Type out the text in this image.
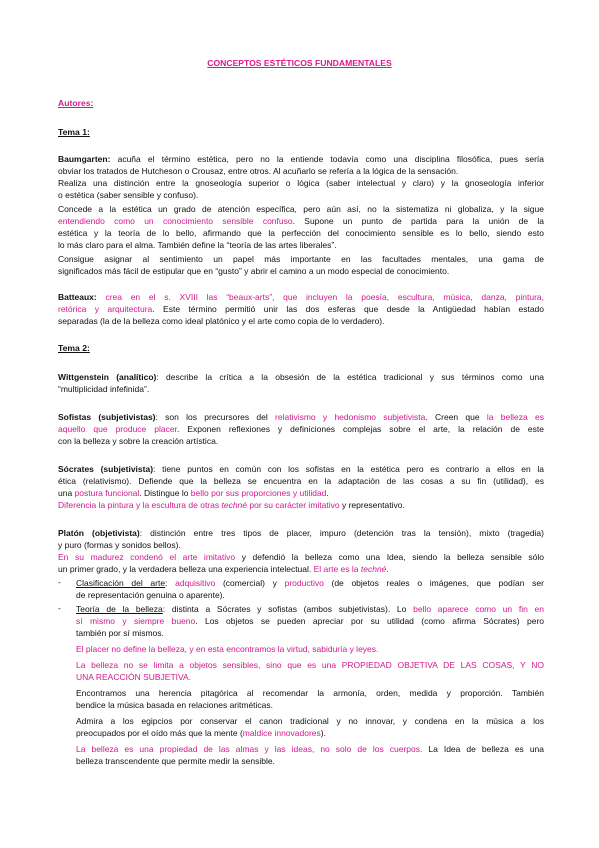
CONCEPTOS ESTÉTICOS FUNDAMENTALES
Autores:
Tema 1:
Baumgarten: acuña el término estética, pero no la entiende todavía como una disciplina filosófica, pues sería
obviar los tratados de Hutcheson o Crousaz, entre otros. Al acuñarlo se refería a la lógica de la sensación.
Realiza una distinción entre la gnoseología superior o lógica (saber intelectual y claro) y la gnoseología inferior
o estética (saber sensible y confuso).
Concede a la estética un grado de atención específica, pero aún así, no la sistematiza ni globaliza, y la sigue
entendiendo como un conocimiento sensible confuso. Supone un punto de partida para la unión de la
estética y la teoría de lo bello, afirmando que la perfección del conocimiento sensible es lo bello, siendo esto
lo más claro para el alma. También define la “teoría de las artes liberales”.
Consigue asignar al sentimiento un papel más importante en las facultades mentales, una gama de
significados más fácil de estipular que en “gusto” y abrir el camino a un modo especial de conocimiento.
Batteaux: crea en el s. XVIII las “beaux-arts”, que incluyen la poesía, escultura, música, danza, pintura,
retórica y arquitectura. Este término permitió unir las dos esferas que desde la Antigüedad habían estado
separadas (la de la belleza como ideal platónico y el arte como copia de lo verdadero).
Tema 2:
Wittgenstein (analítico): describe la crítica a la obsesión de la estética tradicional y sus términos como una
“multiplicidad infefinida”.
Sofistas (subjetivistas): son los precursores del relativismo y hedonismo subjetivista. Creen que la belleza es
aquello que produce placer. Exponen reflexiones y definiciones complejas sobre el arte, la relación de este
con la belleza y sobre la creación artística.
Sócrates (subjetivista): tiene puntos en común con los sofistas en la estética pero es contrario a ellos en la
ética (relativismo). Defiende que la belleza se encuentra en la adaptación de las cosas a su fin (utilidad), es
una postura funcional. Distingue lo bello por sus proporciones y utilidad.
Diferencia la pintura y la escultura de otras techné por su carácter imitativo y representativo.
Platón (objetivista): distinción entre tres tipos de placer, impuro (detención tras la tensión), mixto (tragedia)
y puro (formas y sonidos bellos).
En su madurez condenó el arte imitativo y defendió la belleza como una Idea, siendo la belleza sensible sólo
un primer grado, y la verdadera belleza una experiencia intelectual. El arte es la techné.
- Clasificación del arte: adquisitivo (comercial) y productivo (de objetos reales o imágenes, que podían ser
de representación genuina o aparente).
- Teoría de la belleza: distinta a Sócrates y sofistas (ambos subjetivistas). Lo bello aparece como un fin en
sí mismo y siempre bueno. Los objetos se pueden apreciar por su utilidad (como afirma Sócrates) pero
también por sí mismos.
El placer no define la belleza, y en esta encontramos la virtud, sabiduría y leyes.
La belleza no se limita a objetos sensibles, sino que es una PROPIEDAD OBJETIVA DE LAS COSAS, Y NO
UNA REACCIÓN SUBJETIVA.
Encontramos una herencia pitagórica al recomendar la armonía, orden, medida y proporción. También
bendice la música basada en relaciones aritméticas.
Admira a los egipcios por conservar el canon tradicional y no innovar, y condena en la música a los
preocupados por el oído más que la mente (maldice innovadores).
La belleza es una propiedad de las almas y las ideas, no solo de los cuerpos. La Idea de belleza es una
belleza transcendente que permite medir la sensible.
